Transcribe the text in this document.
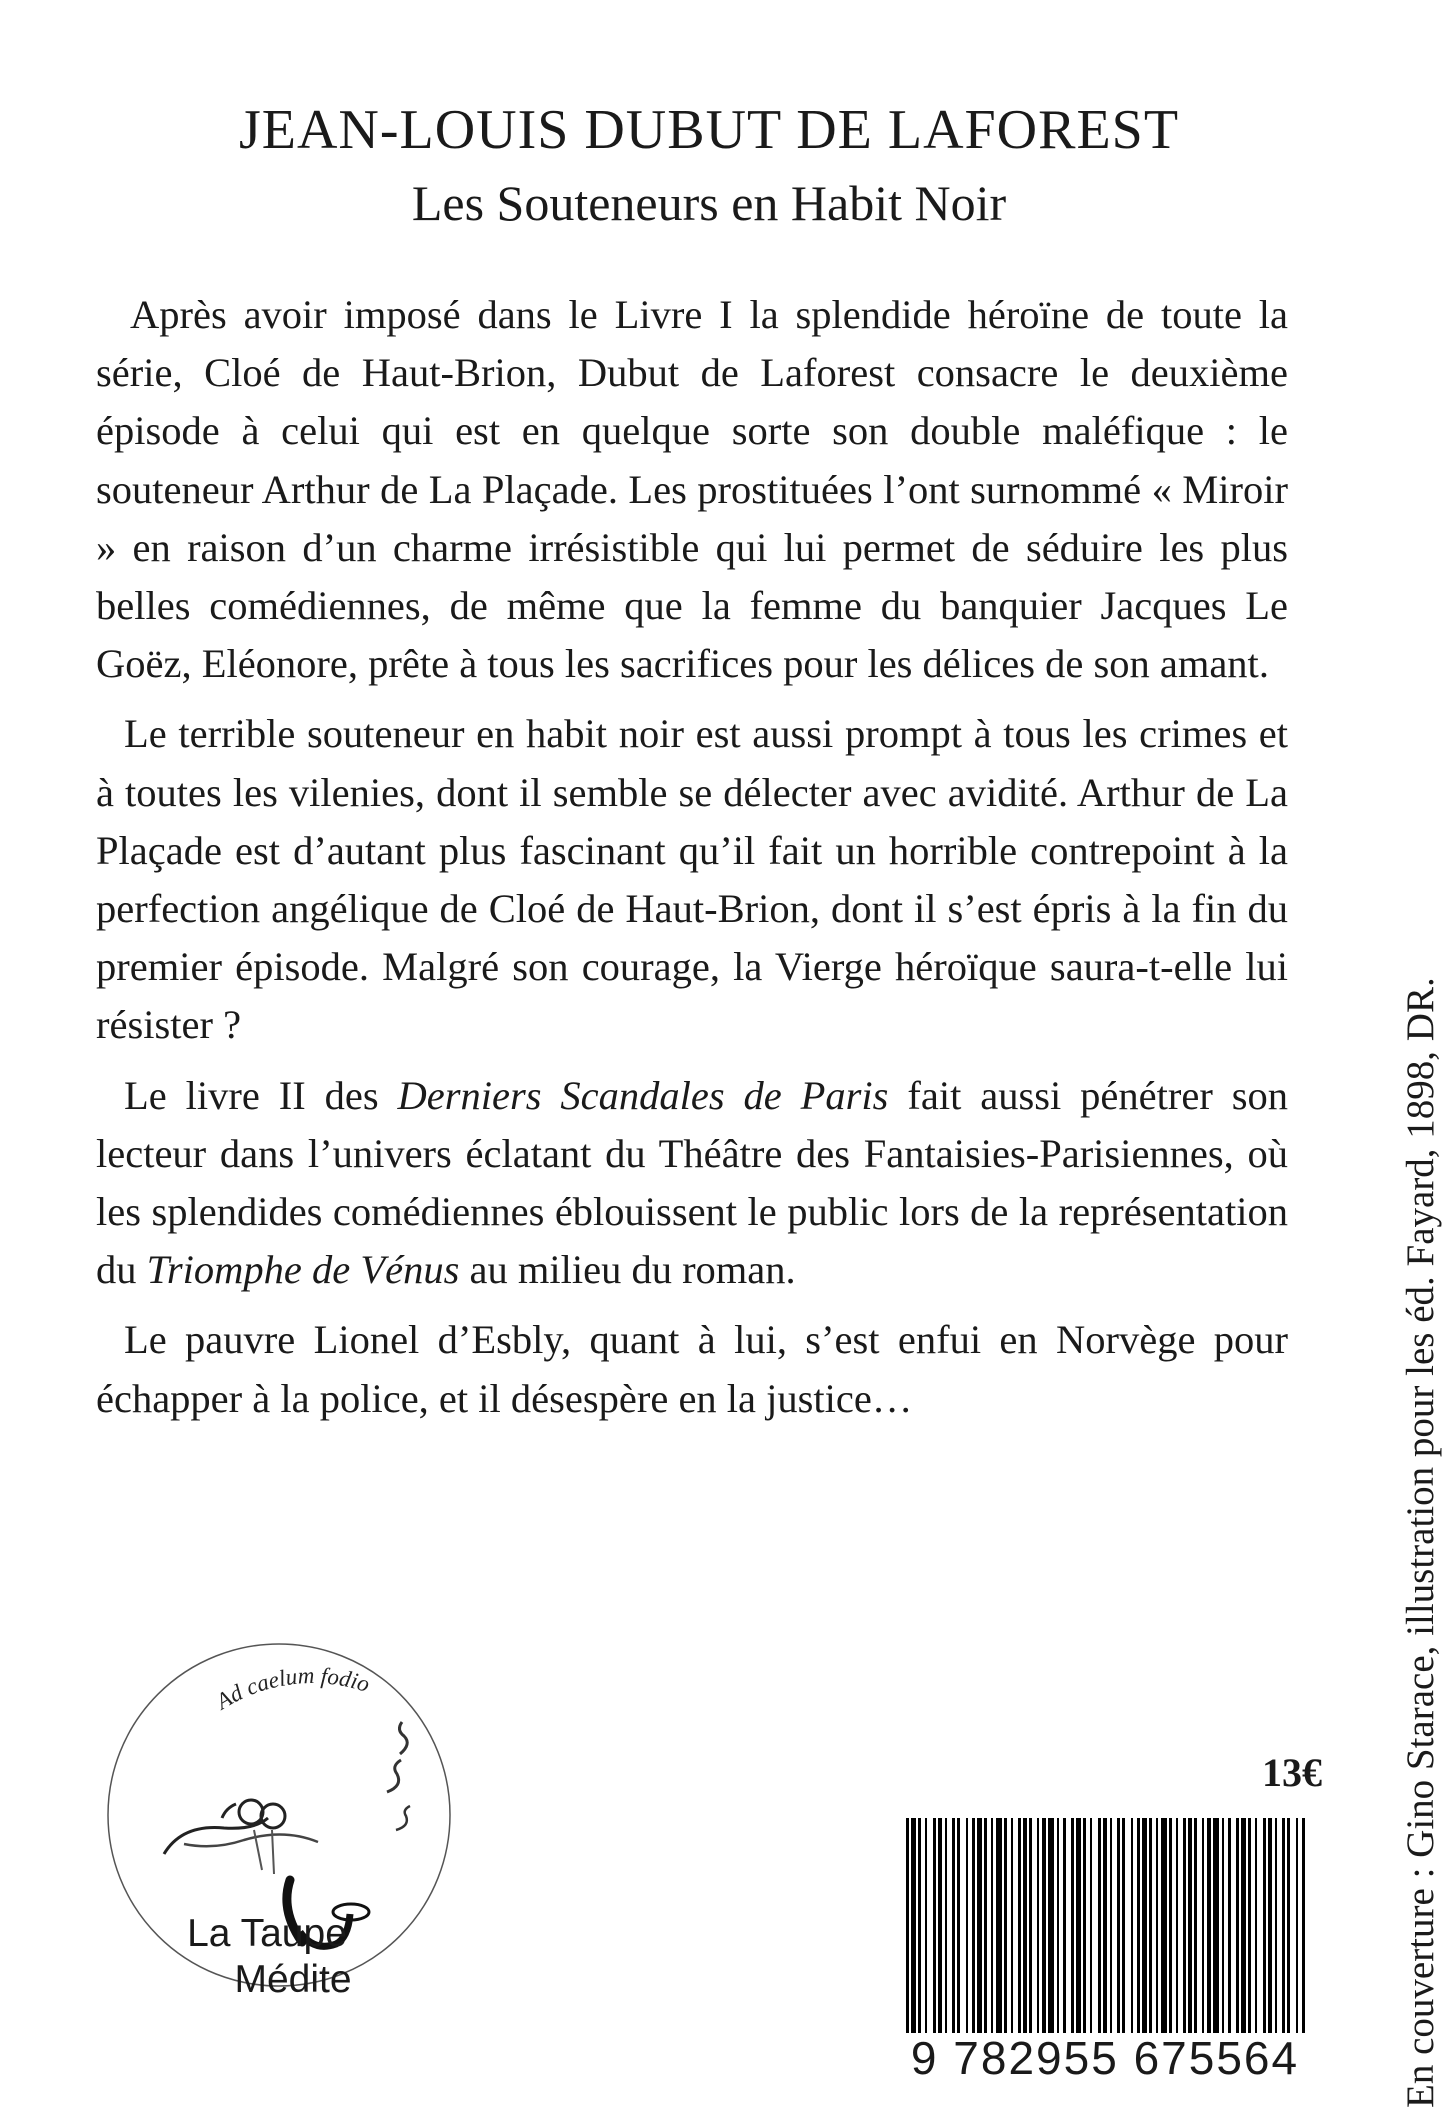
JEAN-LOUIS DUBUT DE LAFOREST
Les Souteneurs en Habit Noir

Après avoir imposé dans le Livre I la splendide héroïne de toute la série, Cloé de Haut-Brion, Dubut de Laforest consacre le deuxième épisode à celui qui est en quelque sorte son double maléfique : le souteneur Arthur de La Plaçade. Les prostituées l’ont surnommé « Miroir » en raison d’un charme irrésistible qui lui permet de séduire les plus belles comédiennes, de même que la femme du banquier Jacques Le Goëz, Eléonore, prête à tous les sacrifices pour les délices de son amant.

Le terrible souteneur en habit noir est aussi prompt à tous les crimes et à toutes les vilenies, dont il semble se délecter avec avidité. Arthur de La Plaçade est d’autant plus fascinant qu’il fait un horrible contrepoint à la perfection angélique de Cloé de Haut-Brion, dont il s’est épris à la fin du premier épisode. Malgré son courage, la Vierge héroïque saura-t-elle lui résister ?

Le livre II des Derniers Scandales de Paris fait aussi pénétrer son lecteur dans l’univers éclatant du Théâtre des Fantaisies-Parisiennes, où les splendides comédiennes éblouissent le public lors de la représentation du Triomphe de Vénus au milieu du roman.

Le pauvre Lionel d’Esbly, quant à lui, s’est enfui en Norvège pour échapper à la police, et il désespère en la justice…	En couverture : Gino Starace, illustration pour les éd. Fayard, 1898, DR.
Ad caelum fodio
La Taupe
Médite
13€
9 782955 675564
